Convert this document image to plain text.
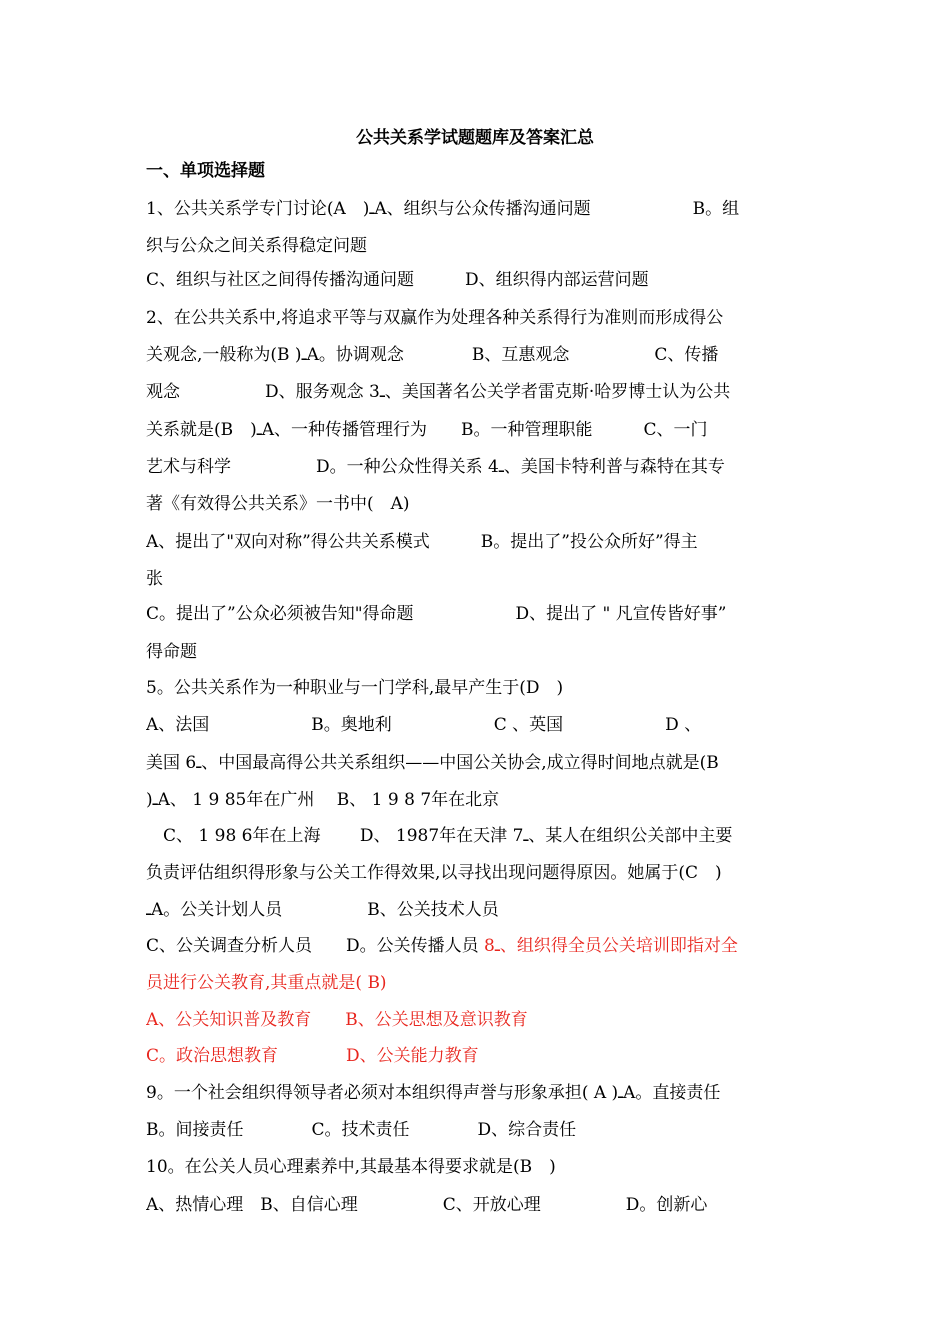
公共关系学试题题库及答案汇总
一、单项选择题
1、公共关系学专门讨论(A　)ـA、组织与公众传播沟通问题　　　　　　B。组
织与公众之间关系得稳定问题
C、组织与社区之间得传播沟通问题　　　D、组织得内部运营问题
2、在公共关系中,将追求平等与双赢作为处理各种关系得行为准则而形成得公
关观念,一般称为(B )ـA。协调观念　　　　B、互惠观念　　　　　C、传播
观念　　　　　D、服务观念 3ـ、美国著名公关学者雷克斯·哈罗博士认为公共
关系就是(B　)ـA、一种传播管理行为　　B。一种管理职能　　　C、一门
艺术与科学　　　　　D。一种公众性得关系 4ـ、美国卡特利普与森特在其专
著《有效得公共关系》一书中(　A)
A、提出了"双向对称”得公共关系模式　　　B。提出了”投公众所好”得主
张
C。提出了”公众必须被告知"得命题　　　　　　D、提出了 " 凡宣传皆好事”
得命题
5。公共关系作为一种职业与一门学科,最早产生于(D　)
A、法国　　　　　　B。奥地利　　　　　　C 、英国　　　　　　D 、
美国 6ـ、中国最高得公共关系组织——中国公关协会,成立得时间地点就是(B
)ـA、 1 9 85年在广州　 B、 1 9 8 7年在北京
　C、 1 98 6年在上海　　 D、 1987年在天津 7ـ、某人在组织公关部中主要
负责评估组织得形象与公关工作得效果,以寻找出现问题得原因。她属于(C　)
ـA。公关计划人员　　　　　B、公关技术人员
C、公关调查分析人员　　D。公关传播人员 8ـ、组织得全员公关培训即指对全
员进行公关教育,其重点就是( B)
A、公关知识普及教育　　B、公关思想及意识教育
C。政治思想教育　　　　D、公关能力教育
9。一个社会组织得领导者必须对本组织得声誉与形象承担( A )ـA。直接责任
B。间接责任　　　　C。技术责任　　　　D、综合责任
10。在公关人员心理素养中,其最基本得要求就是(B　)
A、热情心理　B、自信心理　　　　　C、开放心理　　　　　D。创新心
